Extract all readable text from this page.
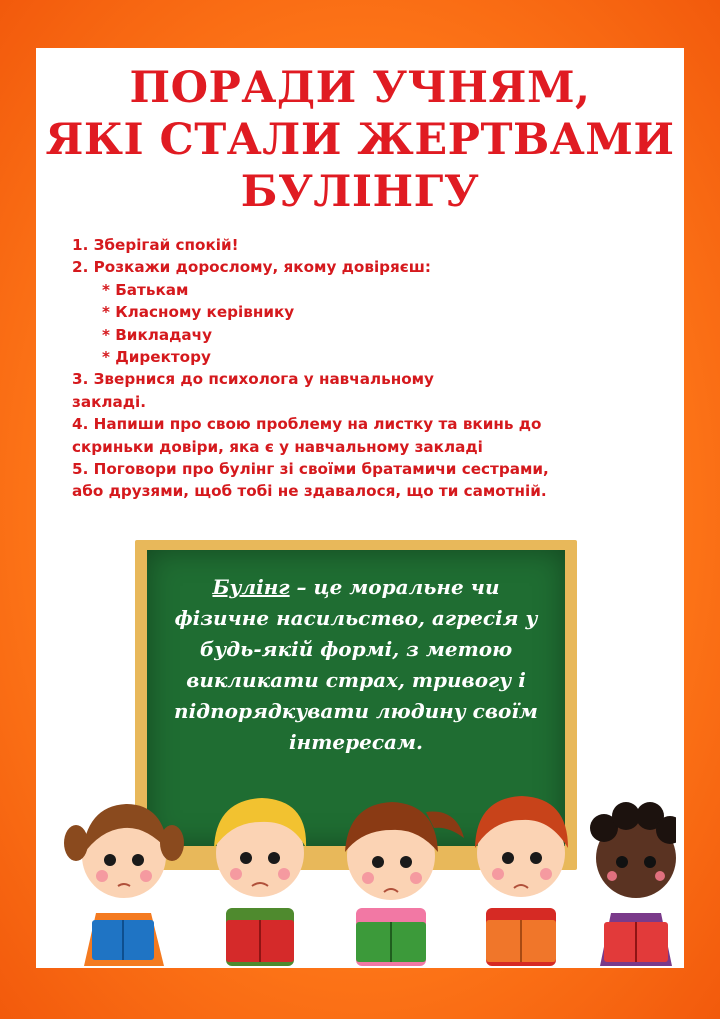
ПОРАДИ УЧНЯМ,
ЯКІ СТАЛИ ЖЕРТВАМИ
БУЛІНГУ
1. Зберігай спокій!
2. Розкажи дорослому, якому довіряєш:
* Батькам
* Класному керівнику
* Викладачу
* Директору
3. Звернися до психолога у навчальному
закладі.
4. Напиши про свою проблему на листку та вкинь до
скриньки довіри, яка є у навчальному закладі
5. Поговори про булінг зі своїми братамичи сестрами,
або друзями, щоб тобі не здавалося, що ти самотній.
Булінг – це моральне чи
фізичне насильство, агресія у
будь-якій формі, з метою
викликати страх, тривогу і
підпорядкувати людину своїм
інтересам.
